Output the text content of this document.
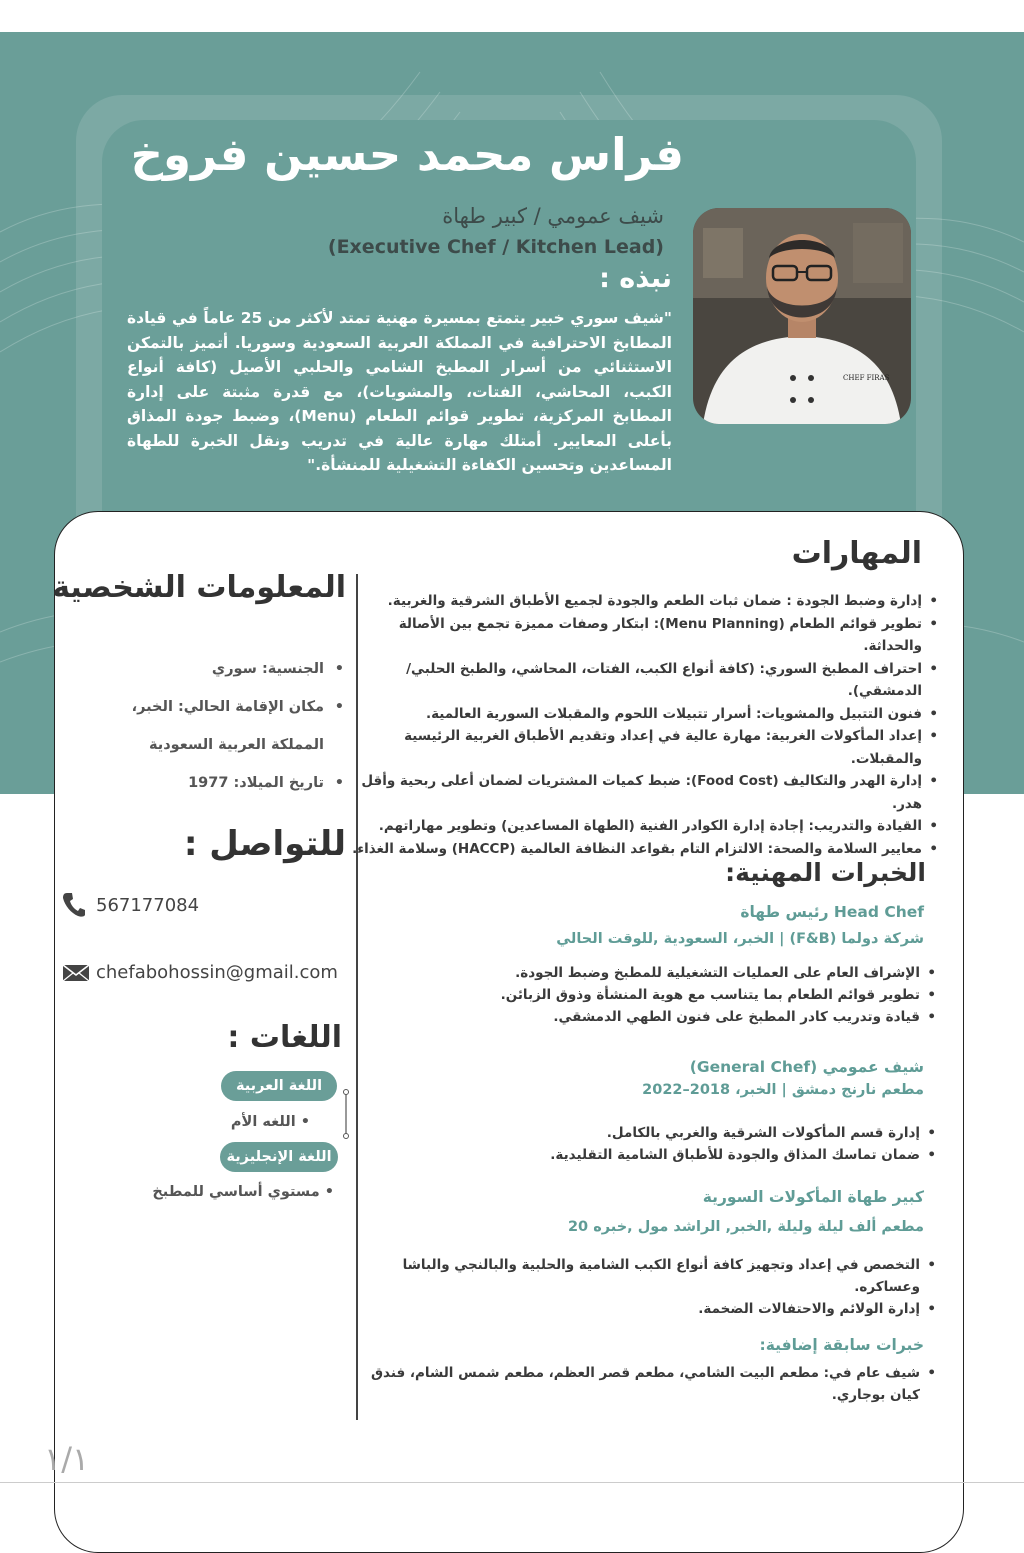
فراس محمد حسين فروخ
شيف عمومي / كبير طهاة
(Executive Chef / Kitchen Lead)
نبذه :
"شيف سوري خبير يتمتع بمسيرة مهنية تمتد لأكثر من 25 عاماً في قيادة المطابخ الاحترافية في المملكة العربية السعودية وسوريا. أتميز بالتمكن الاستثنائي من أسرار المطبخ الشامي والحلبي الأصيل (كافة أنواع الكبب، المحاشي، الفتات، والمشويات)، مع قدرة مثبتة على إدارة المطابخ المركزية، تطوير قوائم الطعام (Menu)، وضبط جودة المذاق بأعلى المعايير. أمتلك مهارة عالية في تدريب ونقل الخبرة للطهاة المساعدين وتحسين الكفاءة التشغيلية للمنشأة."
CHEF FIRAS
المهارات
• إدارة وضبط الجودة : ضمان ثبات الطعم والجودة لجميع الأطباق الشرقية والغربية.
• تطوير قوائم الطعام (Menu Planning): ابتكار وصفات مميزة تجمع بين الأصالة والحداثة.
• احتراف المطبخ السوري: (كافة أنواع الكبب، الفتات، المحاشي، والطبخ الحلبي/الدمشقي).
• فنون التتبيل والمشويات: أسرار تتبيلات اللحوم والمقبلات السورية العالمية.
• إعداد المأكولات الغربية: مهارة عالية في إعداد وتقديم الأطباق الغربية الرئيسية والمقبلات.
• إدارة الهدر والتكاليف (Food Cost): ضبط كميات المشتريات لضمان أعلى ربحية وأقل هدر.
• القيادة والتدريب: إجادة إدارة الكوادر الفنية (الطهاة المساعدين) وتطوير مهاراتهم.
• معايير السلامة والصحة: الالتزام التام بقواعد النظافة العالمية (HACCP) وسلامة الغذاء.
الخبرات المهنية:
Head Chef رئيس طهاة
شركة دولما (F&B) | الخبر، السعودية ,للوقت الحالي
• الإشراف العام على العمليات التشغيلية للمطبخ وضبط الجودة.
• تطوير قوائم الطعام بما يتناسب مع هوية المنشأة وذوق الزبائن.
• قيادة وتدريب كادر المطبخ على فنون الطهي الدمشقي.
شيف عمومي (General Chef)
مطعم نارنج دمشق | الخبر، 2018–2022
• إدارة قسم المأكولات الشرقية والغربي بالكامل.
• ضمان تماسك المذاق والجودة للأطباق الشامية التقليدية.
كبير طهاة المأكولات السورية
مطعم ألف ليلة وليلة ,الخبر, الراشد مول ,خبره 20
• التخصص في إعداد وتجهيز كافة أنواع الكبب الشامية والحلبية والبالنجي والباشا وعساكره.
• إدارة الولائم والاحتفالات الضخمة.
خبرات سابقة إضافية:
• شيف عام في: مطعم البيت الشامي، مطعم قصر العظم، مطعم شمس الشام، فندق كيان بوجاري.
المعلومات الشخصية
• الجنسية: سوري
• مكان الإقامة الحالي: الخبر، المملكة العربية السعودية
• تاريخ الميلاد: 1977
للتواصل :
567177084
chefabohossin@gmail.com
اللغات :
اللغة العربية
• اللغه الأم
اللغة الإنجليزية
• مستوي أساسي للمطبخ
١/١
